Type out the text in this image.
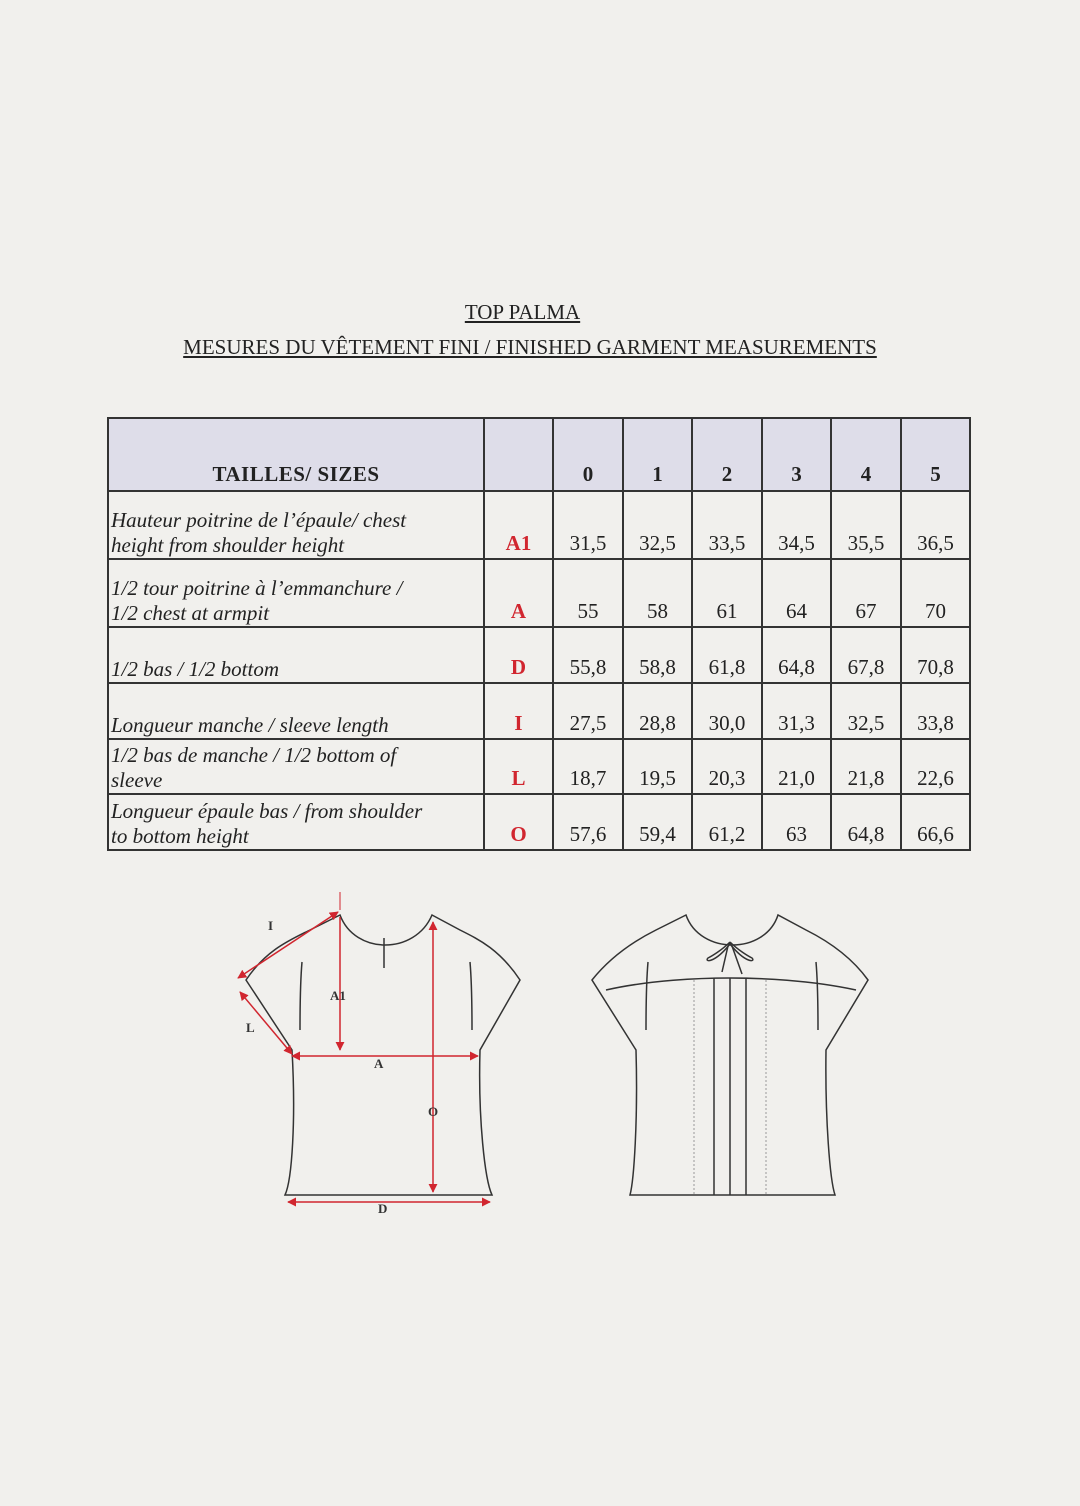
TOP PALMA
MESURES DU VÊTEMENT FINI / FINISHED GARMENT MEASUREMENTS
TAILLES/ SIZES		0	1	2	3	4	5

Hauteur poitrine de l’épaule/ chest
height from shoulder height	A1	31,5	32,5	33,5	34,5	35,5	36,5

1/2 tour poitrine à l’emmanchure /
1/2 chest at armpit	A	55	58	61	64	67	70

1/2 bas / 1/2 bottom	D	55,8	58,8	61,8	64,8	67,8	70,8

Longueur manche / sleeve length	I	27,5	28,8	30,0	31,3	32,5	33,8

1/2 bas de manche / 1/2 bottom of
sleeve	L	18,7	19,5	20,3	21,0	21,8	22,6

Longueur épaule bas / from shoulder
to bottom height	O	57,6	59,4	61,2	63	64,8	66,6
I
L
A1
A
O
D
